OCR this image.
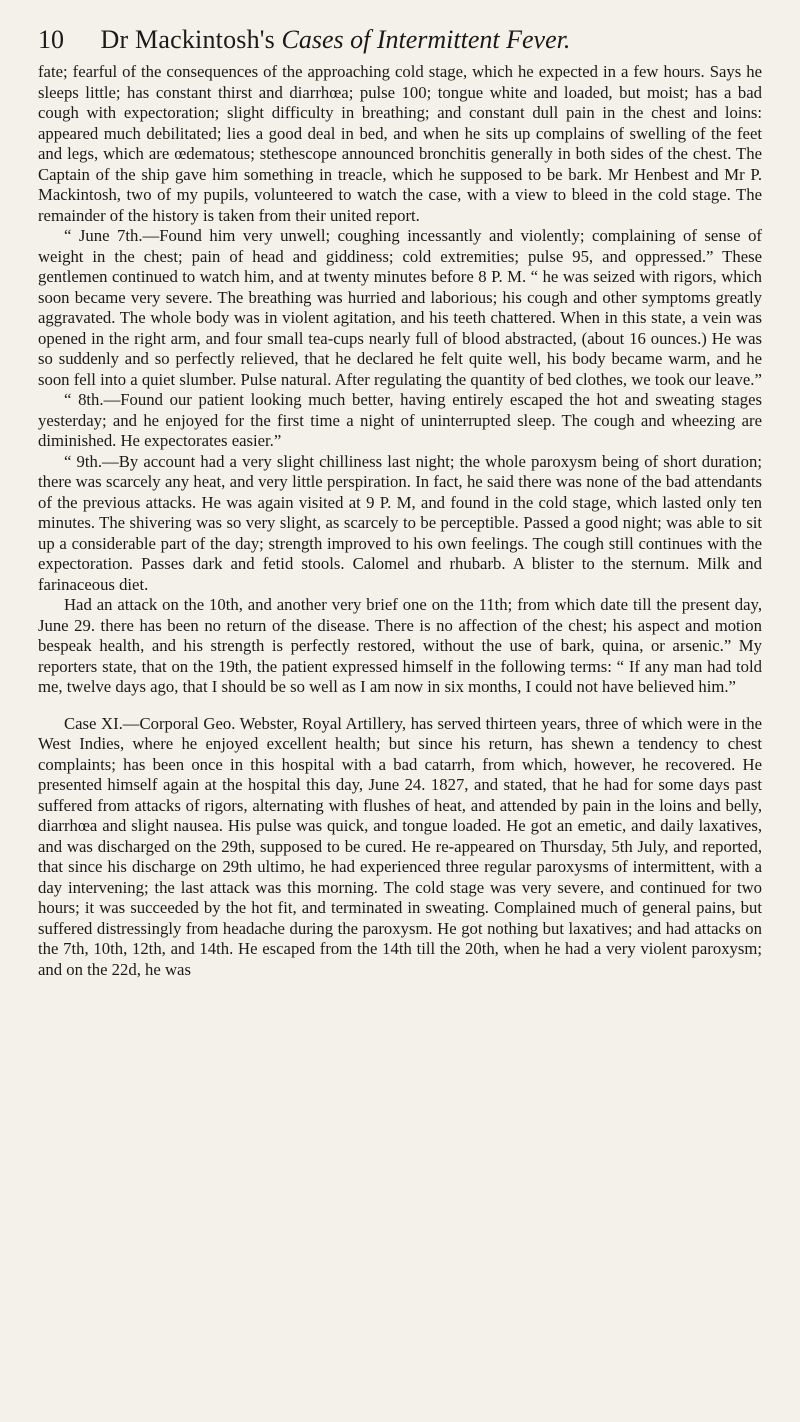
10 Dr Mackintosh's Cases of Intermittent Fever.

fate; fearful of the consequences of the approaching cold stage, which he expected in a few hours. Says he sleeps little; has constant thirst and diarrhœa; pulse 100; tongue white and loaded, but moist; has a bad cough with expectoration; slight difficulty in breathing; and constant dull pain in the chest and loins: appeared much debilitated; lies a good deal in bed, and when he sits up complains of swelling of the feet and legs, which are œdematous; stethescope announced bronchitis generally in both sides of the chest. The Captain of the ship gave him something in treacle, which he supposed to be bark. Mr Henbest and Mr P. Mackintosh, two of my pupils, volunteered to watch the case, with a view to bleed in the cold stage. The remainder of the history is taken from their united report.

“ June 7th.—Found him very unwell; coughing incessantly and violently; complaining of sense of weight in the chest; pain of head and giddiness; cold extremities; pulse 95, and oppressed.” These gentlemen continued to watch him, and at twenty minutes before 8 P. M. “ he was seized with rigors, which soon became very severe. The breathing was hurried and laborious; his cough and other symptoms greatly aggravated. The whole body was in violent agitation, and his teeth chattered. When in this state, a vein was opened in the right arm, and four small tea-cups nearly full of blood abstracted, (about 16 ounces.) He was so suddenly and so perfectly relieved, that he declared he felt quite well, his body became warm, and he soon fell into a quiet slumber. Pulse natural. After regulating the quantity of bed clothes, we took our leave.”

“ 8th.—Found our patient looking much better, having entirely escaped the hot and sweating stages yesterday; and he enjoyed for the first time a night of uninterrupted sleep. The cough and wheezing are diminished. He expectorates easier.”

“ 9th.—By account had a very slight chilliness last night; the whole paroxysm being of short duration; there was scarcely any heat, and very little perspiration. In fact, he said there was none of the bad attendants of the previous attacks. He was again visited at 9 P. M, and found in the cold stage, which lasted only ten minutes. The shivering was so very slight, as scarcely to be perceptible. Passed a good night; was able to sit up a considerable part of the day; strength improved to his own feelings. The cough still continues with the expectoration. Passes dark and fetid stools. Calomel and rhubarb. A blister to the sternum. Milk and farinaceous diet.

Had an attack on the 10th, and another very brief one on the 11th; from which date till the present day, June 29. there has been no return of the disease. There is no affection of the chest; his aspect and motion bespeak health, and his strength is perfectly restored, without the use of bark, quina, or arsenic.” My reporters state, that on the 19th, the patient expressed himself in the following terms: “ If any man had told me, twelve days ago, that I should be so well as I am now in six months, I could not have believed him.”

Case XI.—Corporal Geo. Webster, Royal Artillery, has served thirteen years, three of which were in the West Indies, where he enjoyed excellent health; but since his return, has shewn a tendency to chest complaints; has been once in this hospital with a bad catarrh, from which, however, he recovered. He presented himself again at the hospital this day, June 24. 1827, and stated, that he had for some days past suffered from attacks of rigors, alternating with flushes of heat, and attended by pain in the loins and belly, diarrhœa and slight nausea. His pulse was quick, and tongue loaded. He got an emetic, and daily laxatives, and was discharged on the 29th, supposed to be cured. He re-appeared on Thursday, 5th July, and reported, that since his discharge on 29th ultimo, he had experienced three regular paroxysms of intermittent, with a day intervening; the last attack was this morning. The cold stage was very severe, and continued for two hours; it was succeeded by the hot fit, and terminated in sweating. Complained much of general pains, but suffered distressingly from headache during the paroxysm. He got nothing but laxatives; and had attacks on the 7th, 10th, 12th, and 14th. He escaped from the 14th till the 20th, when he had a very violent paroxysm; and on the 22d, he was
